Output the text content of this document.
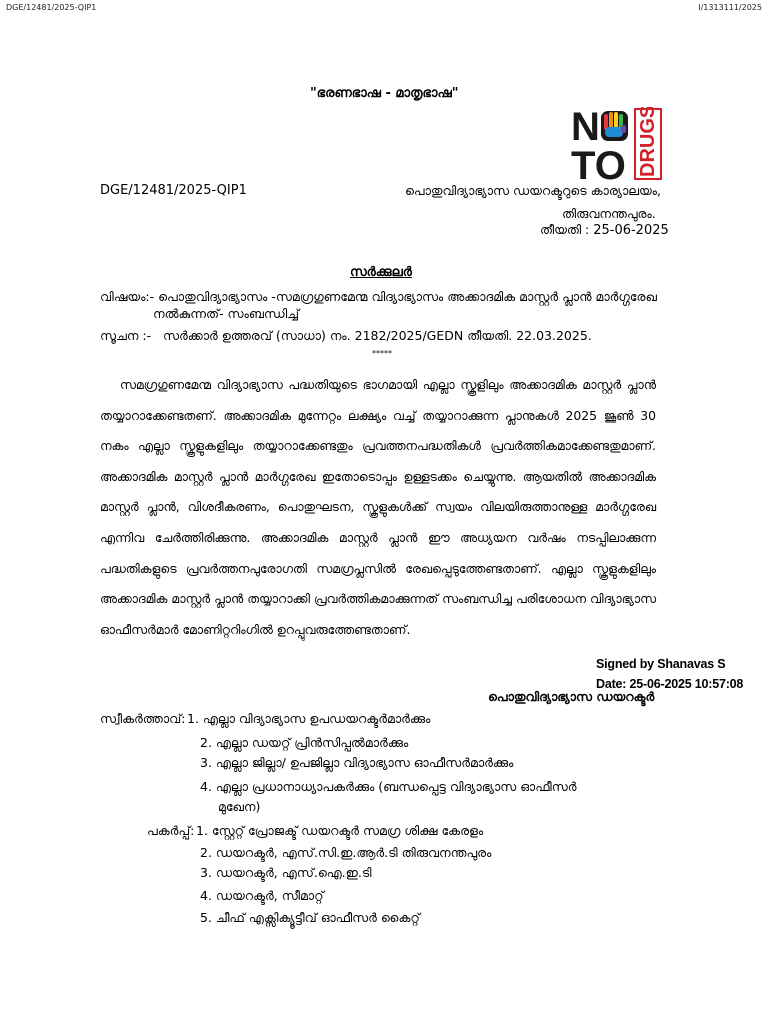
DGE/12481/2025-QIP1	I/1313111/2025
"ഭരണഭാഷ - മാതൃഭാഷ"
N
TO DRUGS
DGE/12481/2025-QIP1	പൊതുവിദ്യാഭ്യാസ ഡയറക്ടറുടെ കാര്യാലയം,
തിരുവനന്തപുരം.
തീയതി : 25-06-2025
സർക്കുലർ
വിഷയം:- പൊതുവിദ്യാഭ്യാസം -സമഗ്രഗുണമേന്മ വിദ്യാഭ്യാസം അക്കാദമിക മാസ്റ്റർ പ്ലാൻ മാർഗ്ഗരേഖ
നൽകുന്നത്- സംബന്ധിച്ച്
സൂചന :- സർക്കാർ ഉത്തരവ് (സാധാ) നം. 2182/2025/GEDN തീയതി. 22.03.2025.
*****

സമഗ്രഗുണമേന്മ വിദ്യാഭ്യാസ പദ്ധതിയുടെ ഭാഗമായി എല്ലാ സ്കൂളിലും അക്കാദമിക മാസ്റ്റർ പ്ലാൻ തയ്യാറാക്കേണ്ടതണ്. അക്കാദമിക മുന്നേറ്റം ലക്ഷ്യം വച്ച് തയ്യാറാക്കുന്ന പ്ലാനുകൾ 2025 ജൂൺ 30 നകം എല്ലാ സ്കൂളുകളിലും തയ്യാറാക്കേണ്ടതും പ്രവത്തനപദ്ധതികൾ പ്രവർത്തികമാക്കേണ്ടതുമാണ്. അക്കാദമിക മാസ്റ്റർ പ്ലാൻ മാർഗ്ഗരേഖ ഇതോടൊപ്പം ഉള്ളടക്കം ചെയ്യുന്നു. ആയതിൽ അക്കാദമിക മാസ്റ്റർ പ്ലാൻ, വിശദീകരണം, പൊതുഘടന, സ്കൂളുകൾക്ക് സ്വയം വിലയിരുത്താനുള്ള മാർഗ്ഗരേഖ എന്നിവ ചേർത്തിരിക്കുന്നു. അക്കാദമിക മാസ്റ്റർ പ്ലാൻ ഈ അധ്യയന വർഷം നടപ്പിലാക്കുന്ന പദ്ധതികളുടെ പ്രവർത്തനപുരോഗതി സമഗ്രപ്ലസിൽ രേഖപ്പെടുത്തേണ്ടതാണ്. എല്ലാ സ്കൂളുകളിലും അക്കാദമിക മാസ്റ്റർ പ്ലാൻ തയ്യാറാക്കി പ്രവർത്തികമാക്കുന്നത് സംബന്ധിച്ച പരിശോധന വിദ്യാഭ്യാസ ഓഫീസർമാർ മോണിറ്ററിംഗിൽ ഉറപ്പുവരുത്തേണ്ടതാണ്.

Signed by Shanavas S
Date: 25-06-2025 10:57:08
പൊതുവിദ്യാഭ്യാസ ഡയറക്ടർ
സ്വീകർത്താവ്: 1. എല്ലാ വിദ്യാഭ്യാസ ഉപഡയറക്ടർമാർക്കും
2. എല്ലാ ഡയറ്റ് പ്രിൻസിപ്പൽമാർക്കും
3. എല്ലാ ജില്ലാ/ ഉപജില്ലാ വിദ്യാഭ്യാസ ഓഫീസർമാർക്കും
4. എല്ലാ പ്രധാനാധ്യാപകർക്കും (ബന്ധപ്പെട്ട വിദ്യാഭ്യാസ ഓഫീസർ
മുഖേന)
പകർപ്പ്: 1. സ്റ്റേറ്റ് പ്രോജക്ട് ഡയറക്ടർ സമഗ്ര ശിക്ഷ കേരളം
2. ഡയറക്ടർ, എസ്.സി.ഇ.ആർ.ടി തിരുവനന്തപുരം
3. ഡയറക്ടർ, എസ്.ഐ.ഇ.ടി
4. ഡയറക്ടർ, സീമാറ്റ്
5. ചീഫ് എക്സിക്യൂട്ടീവ് ഓഫീസർ കൈറ്റ്
